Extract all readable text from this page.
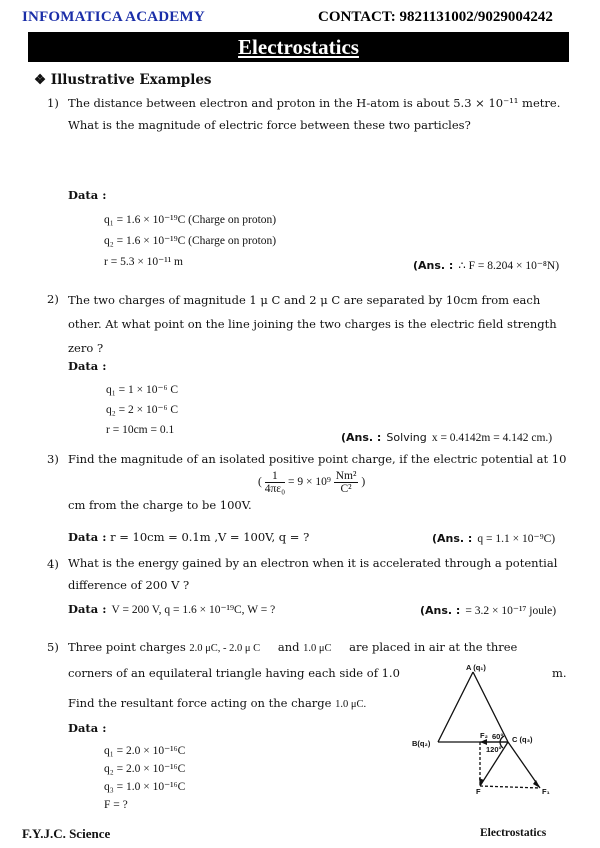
INFOMATICA ACADEMY	CONTACT: 9821131002/9029004242
Electrostatics
❖ Illustrative Examples
1) The distance between electron and proton in the H-atom is about 5.3 × 10⁻¹¹ metre.
What is the magnitude of electric force between these two particles?
Data :
q₁ = 1.6 × 10⁻¹⁹C (Charge on proton)
q₂ = 1.6 × 10⁻¹⁹C (Charge on proton)
r = 5.3 × 10⁻¹¹ m	(Ans. : ∴ F = 8.204 × 10⁻⁸N)
2) The two charges of magnitude 1 μ C and 2 μ C are separated by 10cm from each
other. At what point on the line joining the two charges is the electric field strength
zero ?
Data :
q₁ = 1 × 10⁻⁶ C
q₂ = 2 × 10⁻⁶ C
r = 10cm = 0.1
(Ans. : Solving x = 0.4142m = 4.142 cm.)
3) Find the magnitude of an isolated positive point charge, if the electric potential at 10
( $\frac{1}{\text{4πε₀}} = 9 \times 10^9 \frac{\text{Nm²}}{\text{C²}}$ )
cm from the charge to be 100V.
Data : r = 10cm = 0.1m ,V = 100V, q = ?	(Ans. : q = 1.1 × 10⁻⁹C)
4) What is the energy gained by an electron when it is accelerated through a potential
difference of 200 V ?
Data : V = 200 V, q = 1.6 × 10⁻¹⁹C, W = ?	(Ans. : = 3.2 × 10⁻¹⁷ joule)
5) Three point charges 2.0 μC, - 2.0 μ C and 1.0 μC are placed in air at the three
corners of an equilateral triangle having each side of 1.0	m.
Find the resultant force acting on the charge 1.0 μC.
Data :
q₁ = 2.0 × 10⁻¹⁶C
q₂ = 2.0 × 10⁻¹⁶C
q₃ = 1.0 × 10⁻¹⁶C
F = ?
A (q₁)
B(q₂)	C (q₃)
F₂
F₁
F
60°
120°
F.Y.J.C. Science	Electrostatics
